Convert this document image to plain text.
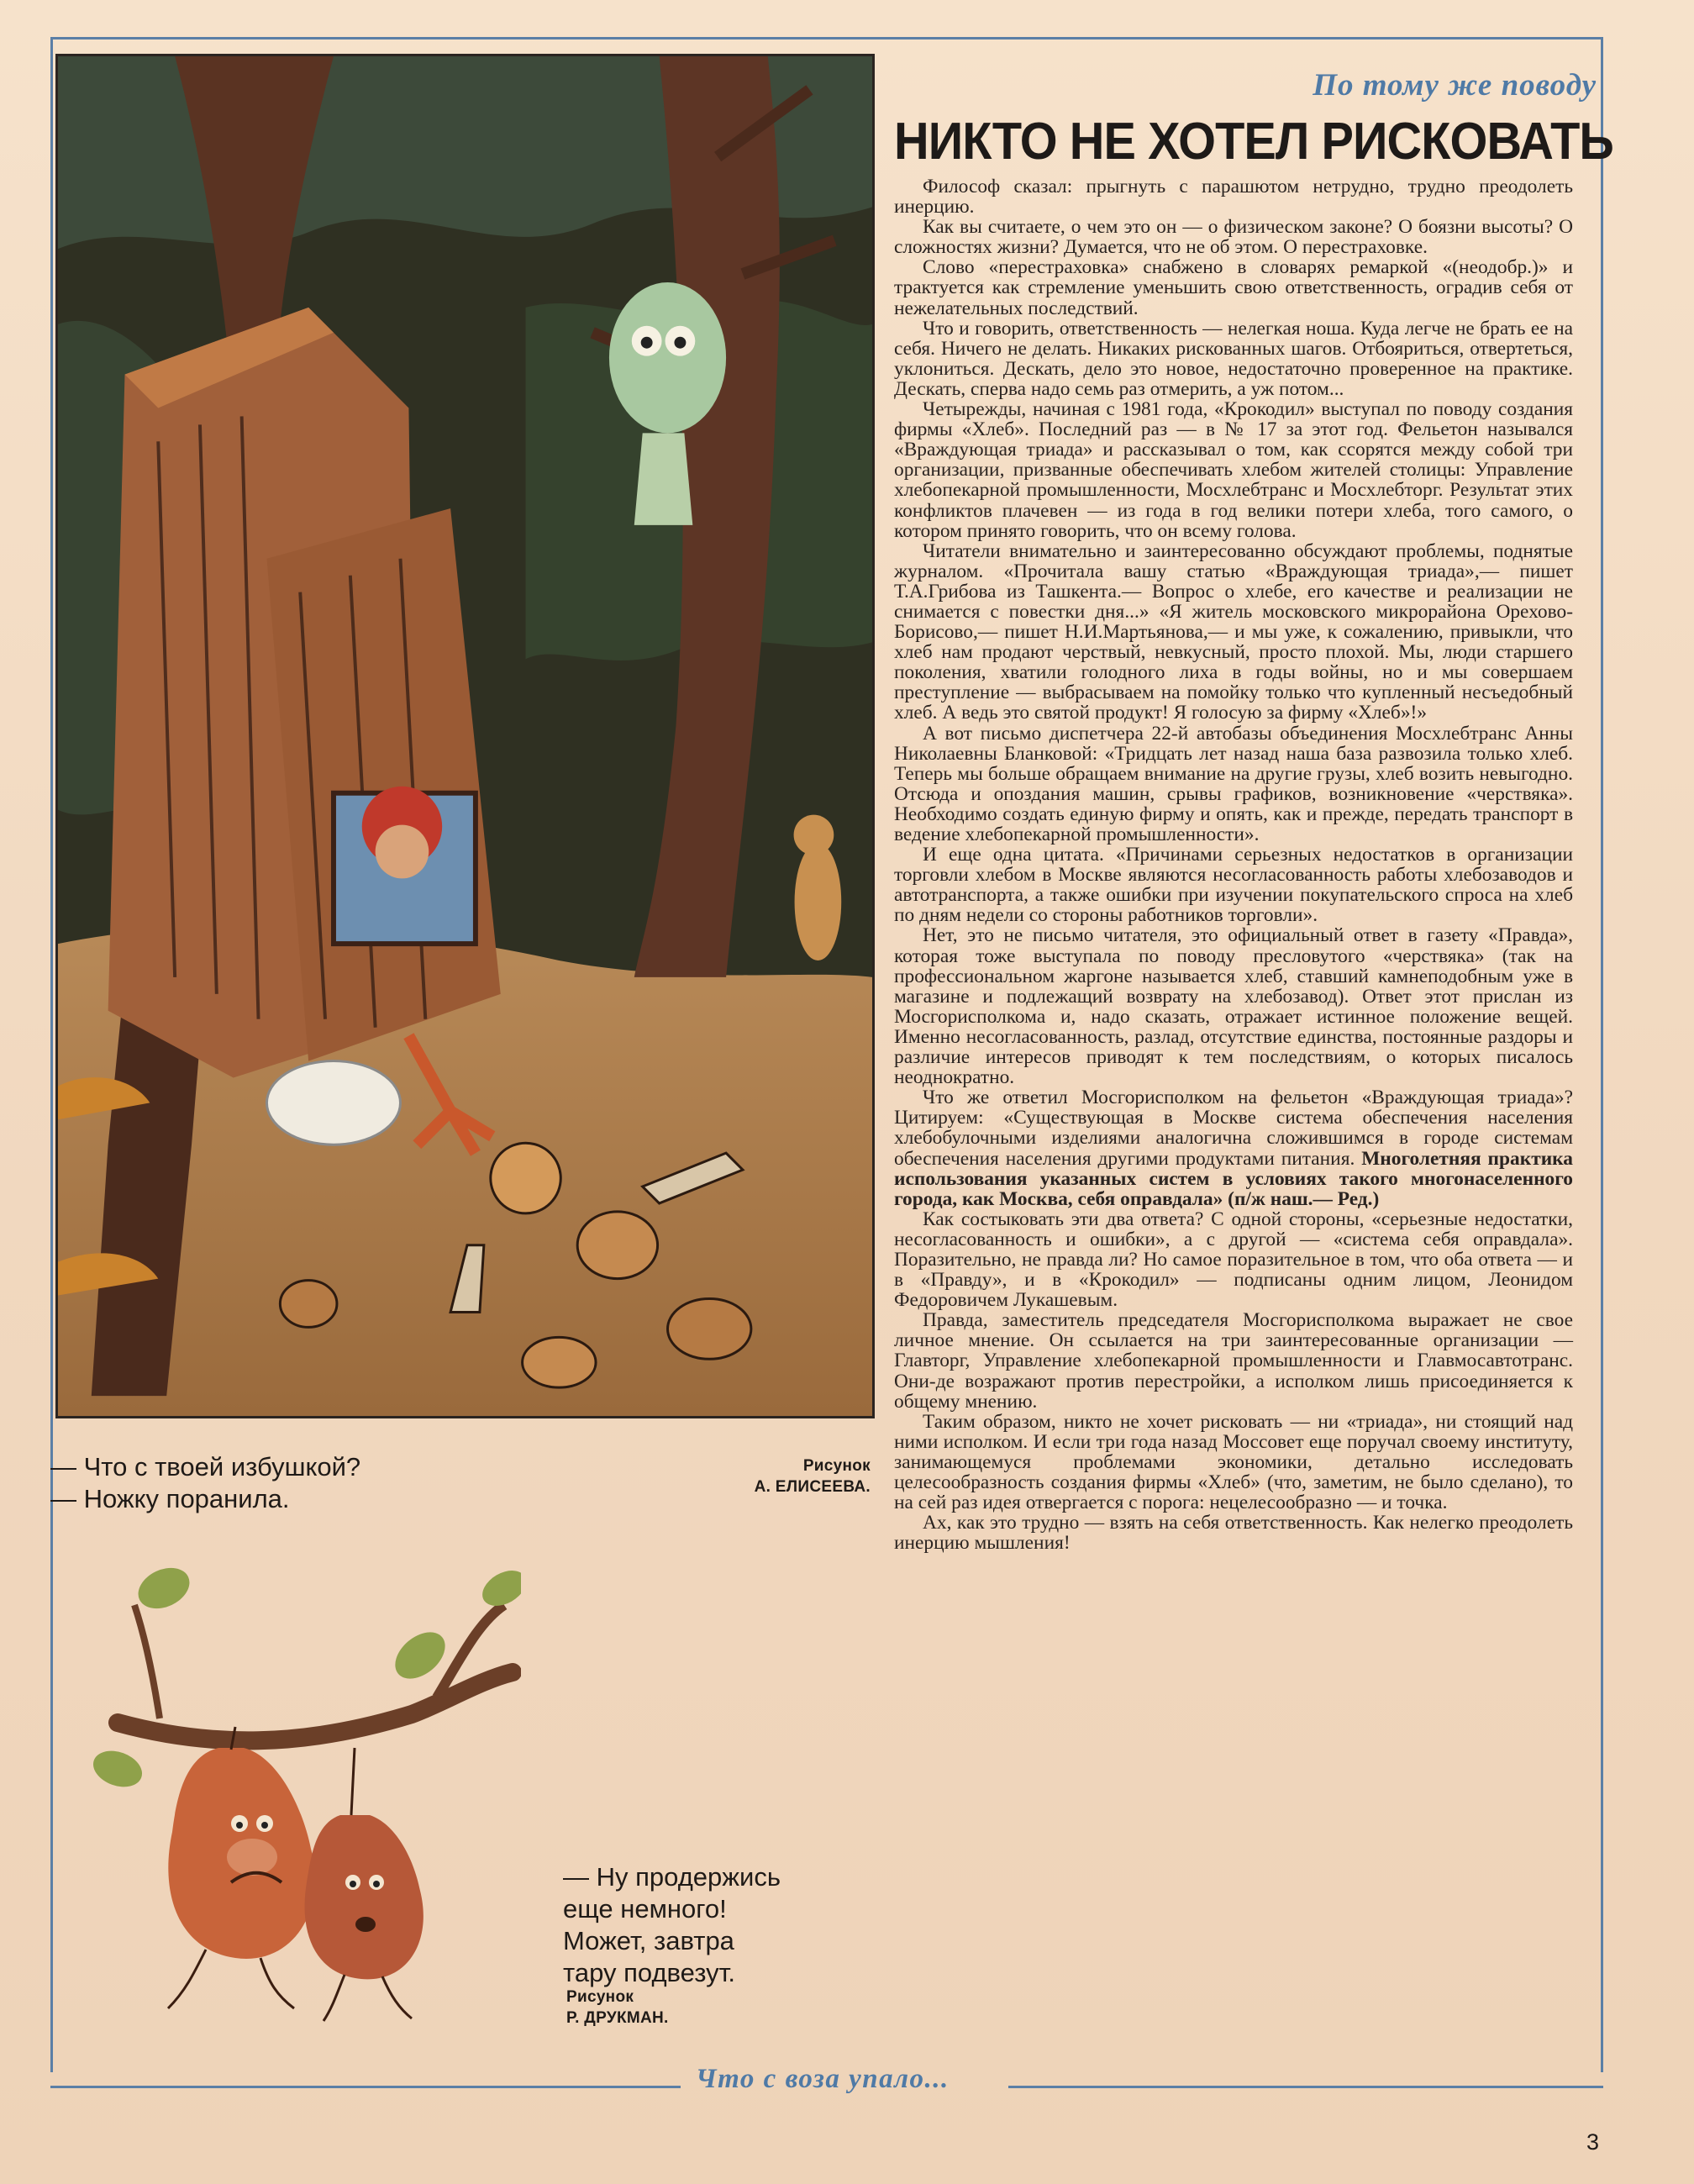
— Что с твоей избушкой?

— Ножку поранила.

Рисунок
А. ЕЛИСЕЕВА.

— Ну продержись

еще немного!

Может, завтра

тару подвезут.

Рисунок
Р. ДРУКМАН.
По тому же поводу
НИКТО НЕ ХОТЕЛ РИСКОВАТЬ

Философ сказал: прыгнуть с парашютом нетрудно, трудно преодолеть инерцию.

Как вы считаете, о чем это он — о физическом законе? О боязни высоты? О сложностях жизни? Думается, что не об этом. О перестраховке.

Слово «перестраховка» снабжено в словарях ремаркой «(неодобр.)» и трактуется как стремление уменьшить свою ответственность, оградив себя от нежелательных последствий.

Что и говорить, ответственность — нелегкая ноша. Куда легче не брать ее на себя. Ничего не делать. Никаких рискованных шагов. Отбояриться, отвертеться, уклониться. Дескать, дело это новое, недостаточно проверенное на практике. Дескать, сперва надо семь раз отмерить, а уж потом...

Четырежды, начиная с 1981 года, «Крокодил» выступал по поводу создания фирмы «Хлеб». Последний раз — в № 17 за этот год. Фельетон назывался «Враждующая триада» и рассказывал о том, как ссорятся между собой три организации, призванные обеспечивать хлебом жителей столицы: Управление хлебопекарной промышленности, Мосхлебтранс и Мосхлебторг. Результат этих конфликтов плачевен — из года в год велики потери хлеба, того самого, о котором принято говорить, что он всему голова.

Читатели внимательно и заинтересованно обсуждают проблемы, поднятые журналом. «Прочитала вашу статью «Враждующая триада»,— пишет Т.А.Грибова из Ташкента.— Вопрос о хлебе, его качестве и реализации не снимается с повестки дня...» «Я житель московского микрорайона Орехово-Борисово,— пишет Н.И.Мартьянова,— и мы уже, к сожалению, привыкли, что хлеб нам продают черствый, невкусный, просто плохой. Мы, люди старшего поколения, хватили голодного лиха в годы войны, но и мы совершаем преступление — выбрасываем на помойку только что купленный несъедобный хлеб. А ведь это святой продукт! Я голосую за фирму «Хлеб»!»

А вот письмо диспетчера 22-й автобазы объединения Мосхлебтранс Анны Николаевны Бланковой: «Тридцать лет назад наша база развозила только хлеб. Теперь мы больше обращаем внимание на другие грузы, хлеб возить невыгодно. Отсюда и опоздания машин, срывы графиков, возникновение «черствяка». Необходимо создать единую фирму и опять, как и прежде, передать транспорт в ведение хлебопекарной промышленности».

И еще одна цитата. «Причинами серьезных недостатков в организации торговли хлебом в Москве являются несогласованность работы хлебозаводов и автотранспорта, а также ошибки при изучении покупательского спроса на хлеб по дням недели со стороны работников торговли».

Нет, это не письмо читателя, это официальный ответ в газету «Правда», которая тоже выступала по поводу пресловутого «черствяка» (так на профессиональном жаргоне называется хлеб, ставший камнеподобным уже в магазине и подлежащий возврату на хлебозавод). Ответ этот прислан из Мосгорисполкома и, надо сказать, отражает истинное положение вещей. Именно несогласованность, разлад, отсутствие единства, постоянные раздоры и различие интересов приводят к тем последствиям, о которых писалось неоднократно.

Что же ответил Мосгорисполком на фельетон «Враждующая триада»? Цитируем: «Существующая в Москве система обеспечения населения хлебобулочными изделиями аналогична сложившимся в городе системам обеспечения населения другими продуктами питания. Многолетняя практика использования указанных систем в условиях такого многонаселенного города, как Москва, себя оправдала» (п/ж наш.— Ред.)

Как состыковать эти два ответа? С одной стороны, «серьезные недостатки, несогласованность и ошибки», а с другой — «система себя оправдала». Поразительно, не правда ли? Но самое поразительное в том, что оба ответа — и в «Правду», и в «Крокодил» — подписаны одним лицом, Леонидом Федоровичем Лукашевым.

Правда, заместитель председателя Мосгорисполкома выражает не свое личное мнение. Он ссылается на три заинтересованные организации — Главторг, Управление хлебопекарной промышленности и Главмосавтотранс. Они-де возражают против перестройки, а исполком лишь присоединяется к общему мнению.

Таким образом, никто не хочет рисковать — ни «триада», ни стоящий над ними исполком. И если три года назад Моссовет еще поручал своему институту, занимающемуся проблемами экономики, детально исследовать целесообразность создания фирмы «Хлеб» (что, заметим, не было сделано), то на сей раз идея отвергается с порога: нецелесообразно — и точка.

Ах, как это трудно — взять на себя ответственность. Как нелегко преодолеть инерцию мышления!

Что с воза упало...
3
